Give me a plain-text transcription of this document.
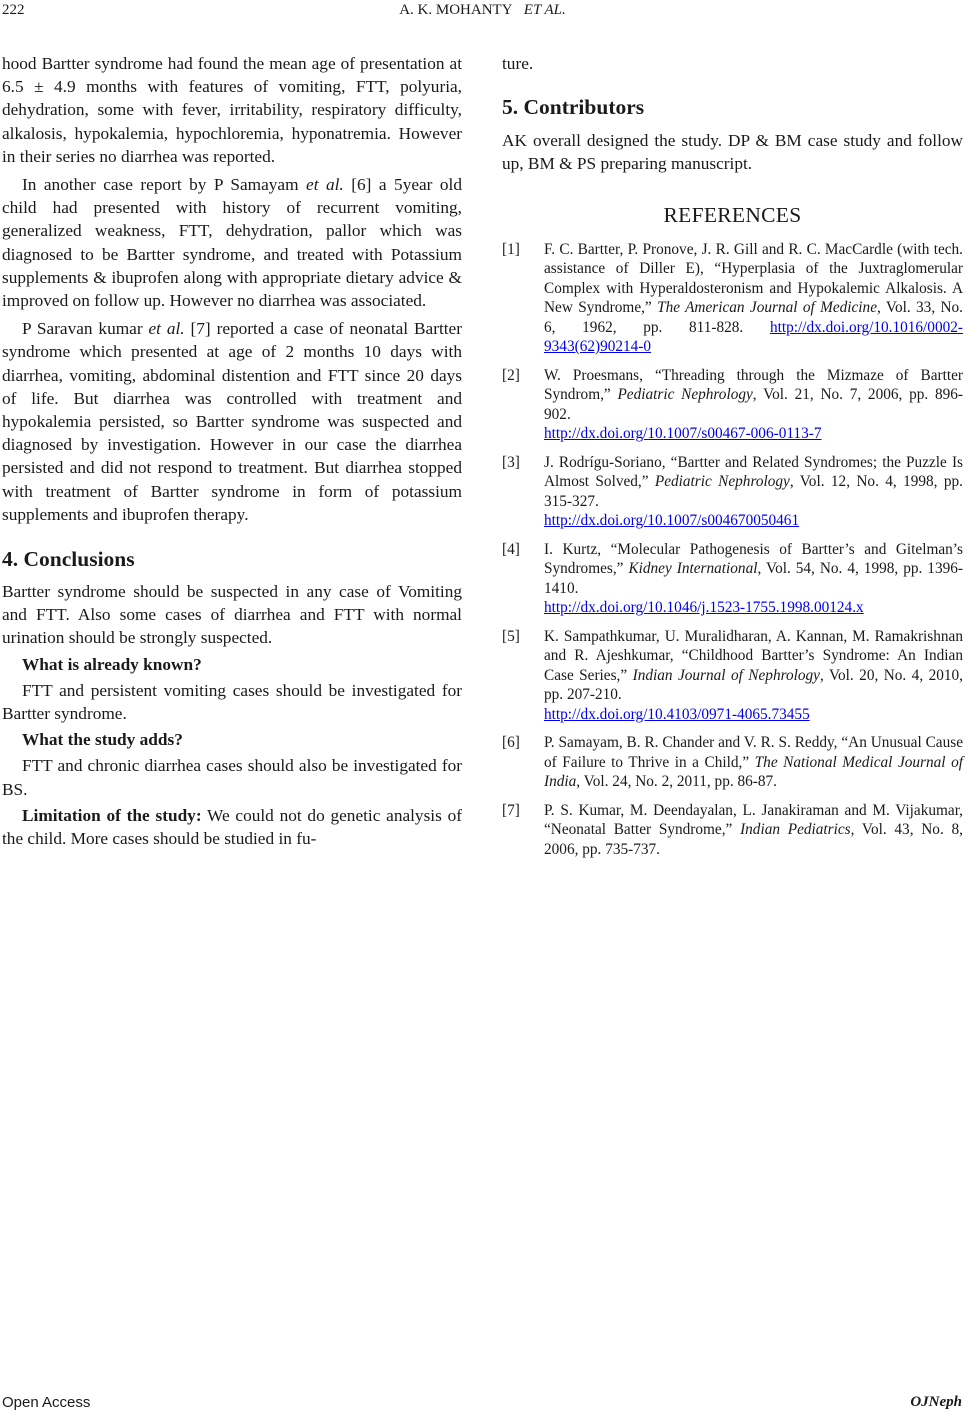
222	A. K. MOHANTY ET AL.

hood Bartter syndrome had found the mean age of presentation at 6.5 ± 4.9 months with features of vomiting, FTT, polyuria, dehydration, some with fever, irritability, respiratory difficulty, alkalosis, hypokalemia, hypochloremia, hyponatremia. However in their series no diarrhea was reported.

In another case report by P Samayam et al. [6] a 5year old child had presented with history of recurrent vomiting, generalized weakness, FTT, dehydration, pallor which was diagnosed to be Bartter syndrome, and treated with Potassium supplements & ibuprofen along with appropriate dietary advice & improved on follow up. However no diarrhea was associated.

P Saravan kumar et al. [7] reported a case of neonatal Bartter syndrome which presented at age of 2 months 10 days with diarrhea, vomiting, abdominal distention and FTT since 20 days of life. But diarrhea was controlled with treatment and hypokalemia persisted, so Bartter syndrome was suspected and diagnosed by investigation. However in our case the diarrhea persisted and did not respond to treatment. But diarrhea stopped with treatment of Bartter syndrome in form of potassium supplements and ibuprofen therapy.

4. Conclusions

Bartter syndrome should be suspected in any case of Vomiting and FTT. Also some cases of diarrhea and FTT with normal urination should be strongly suspected.

What is already known?

FTT and persistent vomiting cases should be investigated for Bartter syndrome.

What the study adds?

FTT and chronic diarrhea cases should also be investigated for BS.

Limitation of the study: We could not do genetic analysis of the child. More cases should be studied in fu-

ture.

5. Contributors

AK overall designed the study. DP & BM case study and follow up, BM & PS preparing manuscript.

REFERENCES
[1] F. C. Bartter, P. Pronove, J. R. Gill and R. C. MacCardle (with tech. assistance of Diller E), “Hyperplasia of the Juxtraglomerular Complex with Hyperaldosteronism and Hypokalemic Alkalosis. A New Syndrome,” The American Journal of Medicine, Vol. 33, No. 6, 1962, pp. 811-828. http://dx.doi.org/10.1016/0002-9343(62)90214-0
[2] W. Proesmans, “Threading through the Mizmaze of Bartter Syndrom,” Pediatric Nephrology, Vol. 21, No. 7, 2006, pp. 896-902.
http://dx.doi.org/10.1007/s00467-006-0113-7
[3] J. Rodrígu-Soriano, “Bartter and Related Syndromes; the Puzzle Is Almost Solved,” Pediatric Nephrology, Vol. 12, No. 4, 1998, pp. 315-327.
http://dx.doi.org/10.1007/s004670050461
[4] I. Kurtz, “Molecular Pathogenesis of Bartter’s and Gitelman’s Syndromes,” Kidney International, Vol. 54, No. 4, 1998, pp. 1396-1410.
http://dx.doi.org/10.1046/j.1523-1755.1998.00124.x
[5] K. Sampathkumar, U. Muralidharan, A. Kannan, M. Ramakrishnan and R. Ajeshkumar, “Childhood Bartter’s Syndrome: An Indian Case Series,” Indian Journal of Nephrology, Vol. 20, No. 4, 2010, pp. 207-210.
http://dx.doi.org/10.4103/0971-4065.73455
[6] P. Samayam, B. R. Chander and V. R. S. Reddy, “An Unusual Cause of Failure to Thrive in a Child,” The National Medical Journal of India, Vol. 24, No. 2, 2011, pp. 86-87.
[7] P. S. Kumar, M. Deendayalan, L. Janakiraman and M. Vijakumar, “Neonatal Batter Syndrome,” Indian Pediatrics, Vol. 43, No. 8, 2006, pp. 735-737.
Open Access	OJNeph
